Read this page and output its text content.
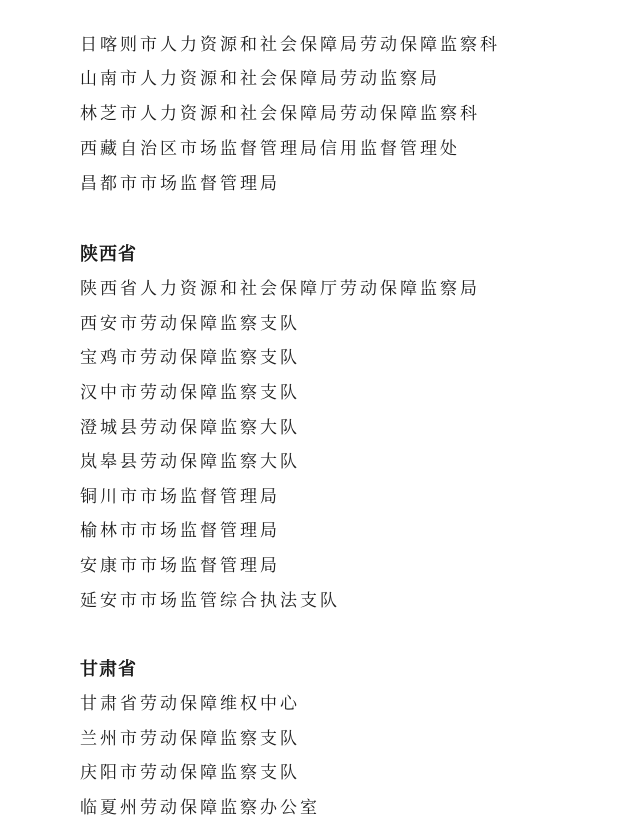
日喀则市人力资源和社会保障局劳动保障监察科
山南市人力资源和社会保障局劳动监察局
林芝市人力资源和社会保障局劳动保障监察科
西藏自治区市场监督管理局信用监督管理处
昌都市市场监督管理局
陕西省
陕西省人力资源和社会保障厅劳动保障监察局
西安市劳动保障监察支队
宝鸡市劳动保障监察支队
汉中市劳动保障监察支队
澄城县劳动保障监察大队
岚皋县劳动保障监察大队
铜川市市场监督管理局
榆林市市场监督管理局
安康市市场监督管理局
延安市市场监管综合执法支队
甘肃省
甘肃省劳动保障维权中心
兰州市劳动保障监察支队
庆阳市劳动保障监察支队
临夏州劳动保障监察办公室
